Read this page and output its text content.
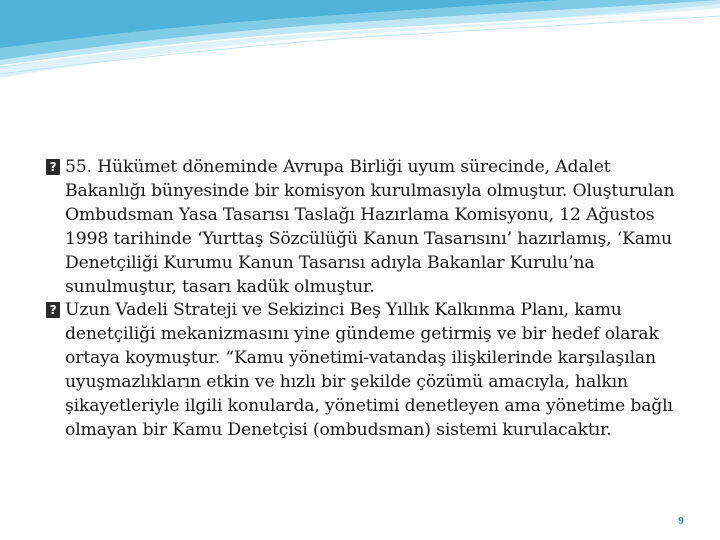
? 55. Hükümet döneminde Avrupa Birliği uyum sürecinde, Adalet Bakanlığı bünyesinde bir komisyon kurulmasıyla olmuştur. Oluşturulan Ombudsman Yasa Tasarısı Taslağı Hazırlama Komisyonu, 12 Ağustos 1998 tarihinde ‘Yurttaş Sözcülüğü Kanun Tasarısını’ hazırlamış, ‘Kamu Denetçiliği Kurumu Kanun Tasarısı adıyla Bakanlar Kurulu’na sunulmuştur, tasarı kadük olmuştur.
? Uzun Vadeli Strateji ve Sekizinci Beş Yıllık Kalkınma Planı, kamu denetçiliği mekanizmasını yine gündeme getirmiş ve bir hedef olarak ortaya koymuştur. “Kamu yönetimi-vatandaş ilişkilerinde karşılaşılan uyuşmazlıkların etkin ve hızlı bir şekilde çözümü amacıyla, halkın şikayetleriyle ilgili konularda, yönetimi denetleyen ama yönetime bağlı olmayan bir Kamu Denetçisi (ombudsman) sistemi kurulacaktır.
9
